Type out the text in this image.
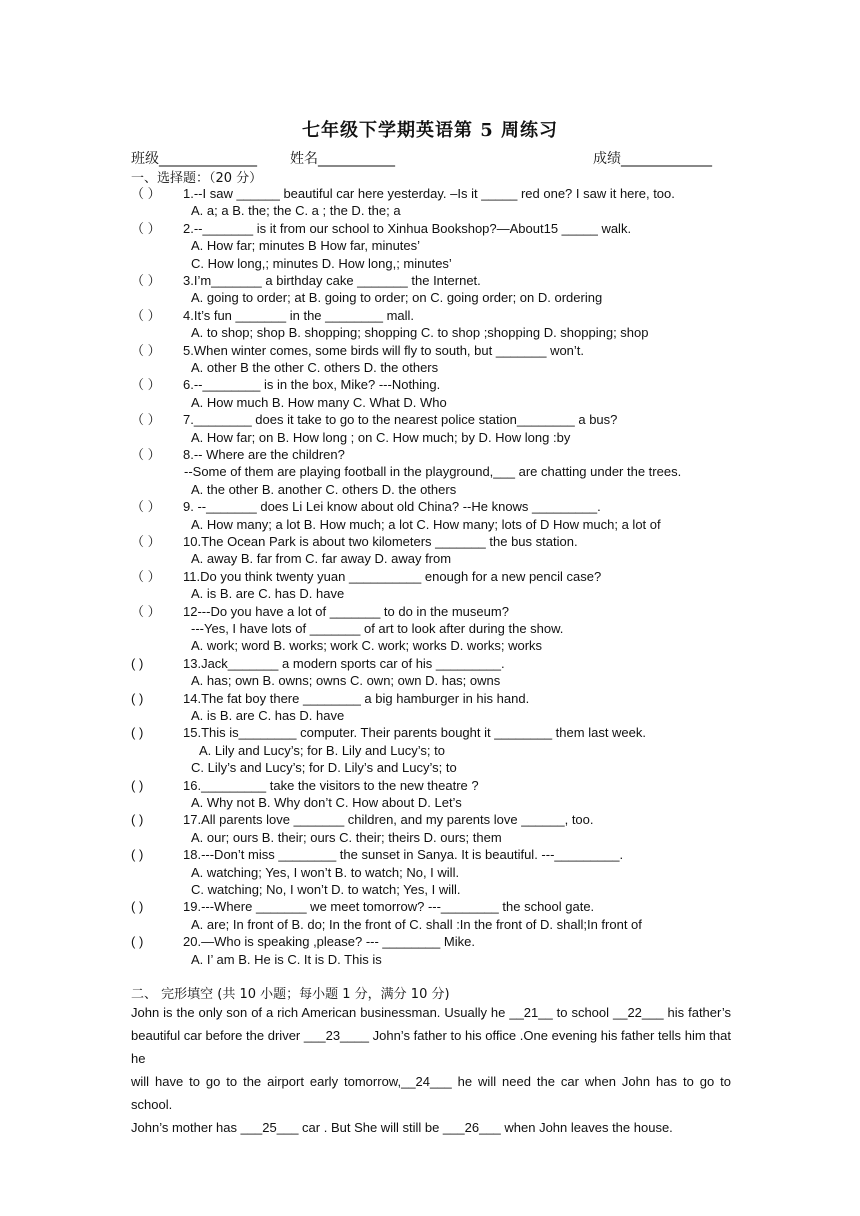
七年级下学期英语第 5 周练习
班级______________ 姓名___________	成绩_____________
一、选择题：（20 分）
（ ） 1.--I saw ______ beautiful car here yesterday. –Is it _____ red one? I saw it here, too.
A. a; a B. the; the C. a ; the D. the; a
（ ） 2.--_______ is it from our school to Xinhua Bookshop?—About15 _____ walk.
A. How far; minutes B How far, minutes’
C. How long,; minutes D. How long,; minutes’
（ ） 3.I’m_______ a birthday cake _______ the Internet.
A. going to order; at B. going to order; on C. going order; on D. ordering
（ ） 4.It’s fun _______ in the ________ mall.
A. to shop; shop B. shopping; shopping C. to shop ;shopping D. shopping; shop
（ ） 5.When winter comes, some birds will fly to south, but _______ won’t.
A. other B the other C. others D. the others
（ ） 6.--________ is in the box, Mike? ---Nothing.
A. How much B. How many C. What D. Who
（ ） 7.________ does it take to go to the nearest police station________ a bus?
A. How far; on B. How long ; on C. How much; by D. How long :by
（ ） 8.-- Where are the children?
--Some of them are playing football in the playground,___ are chatting under the trees.
A. the other B. another C. others D. the others
（ ） 9. --_______ does Li Lei know about old China? --He knows _________.
A. How many; a lot B. How much; a lot C. How many; lots of D How much; a lot of
（ ） 10.The Ocean Park is about two kilometers _______ the bus station.
A. away B. far from C. far away D. away from
（ ） 11.Do you think twenty yuan __________ enough for a new pencil case?
A. is B. are C. has D. have
（ ） 12---Do you have a lot of _______ to do in the museum?
---Yes, I have lots of _______ of art to look after during the show.
A. work; word B. works; work C. work; works D. works; works
( )	13.Jack_______ a modern sports car of his _________.
A. has; own B. owns; owns C. own; own D. has; owns
( )	14.The fat boy there ________ a big hamburger in his hand.
A. is B. are C. has D. have
( )	15.This is________ computer. Their parents bought it ________ them last week.
A. Lily and Lucy’s; for B. Lily and Lucy’s; to
C. Lily’s and Lucy’s; for D. Lily’s and Lucy’s; to
( )	16._________ take the visitors to the new theatre ?
A. Why not B. Why don’t C. How about D. Let’s
( )	17.All parents love _______ children, and my parents love ______, too.
A. our; ours B. their; ours C. their; theirs D. ours; them
( )	18.---Don’t miss ________ the sunset in Sanya. It is beautiful. ---_________.
A. watching; Yes, I won’t B. to watch; No, I will.
C. watching; No, I won’t D. to watch; Yes, I will.
( )	19.---Where _______ we meet tomorrow? ---________ the school gate.
A. are; In front of B. do; In the front of C. shall :In the front of D. shall;In front of
( )	20.—Who is speaking ,please? --- ________ Mike.
A. I’ am B. He is C. It is D. This is
二、 完形填空 (共 10 小题；每小题 1 分，满分 10 分)

John is the only son of a rich American businessman. Usually he __21__ to school __22___ his father’s

beautiful car before the driver ___23____ John’s father to his office .One evening his father tells him that he

will have to go to the airport early tomorrow,__24___ he will need the car when John has to go to school.

John’s mother has ___25___ car . But She will still be ___26___ when John leaves the house.
